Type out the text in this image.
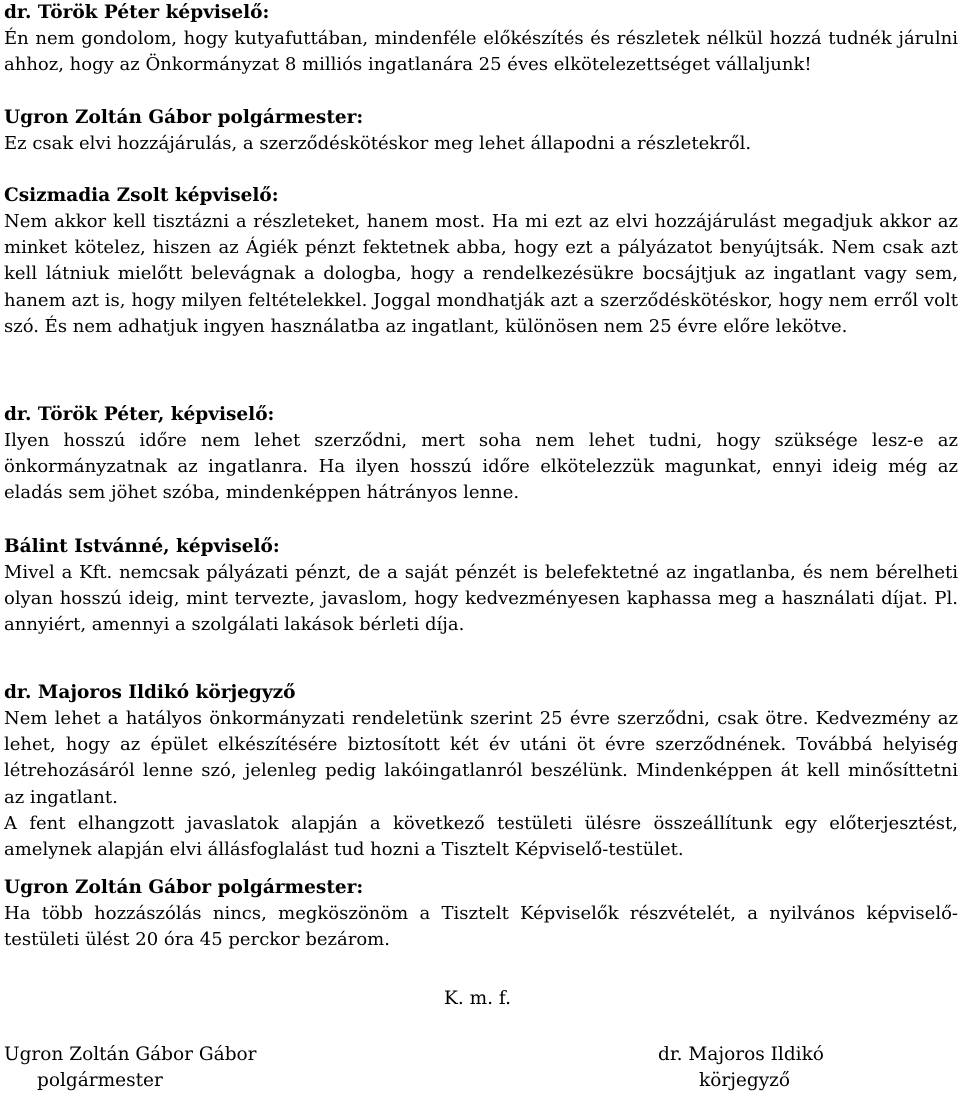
dr. Török Péter képviselő:
Én nem gondolom, hogy kutyafuttában, mindenféle előkészítés és részletek nélkül hozzá tudnék járulni ahhoz, hogy az Önkormányzat 8 milliós ingatlanára 25 éves elkötelezettséget vállaljunk!
Ugron Zoltán Gábor polgármester:
Ez csak elvi hozzájárulás, a szerződéskötéskor meg lehet állapodni a részletekről.
Csizmadia Zsolt képviselő:
Nem akkor kell tisztázni a részleteket, hanem most. Ha mi ezt az elvi hozzájárulást megadjuk akkor az minket kötelez, hiszen az Ágiék pénzt fektetnek abba, hogy ezt a pályázatot benyújtsák. Nem csak azt kell látniuk mielőtt belevágnak a dologba, hogy a rendelkezésükre bocsájtjuk az ingatlant vagy sem, hanem azt is, hogy milyen feltételekkel. Joggal mondhatják azt a szerződéskötéskor, hogy nem erről volt szó. És nem adhatjuk ingyen használatba az ingatlant, különösen nem 25 évre előre lekötve.
dr. Török Péter, képviselő:
Ilyen hosszú időre nem lehet szerződni, mert soha nem lehet tudni, hogy szüksége lesz-e az önkormányzatnak az ingatlanra. Ha ilyen hosszú időre elkötelezzük magunkat, ennyi ideig még az eladás sem jöhet szóba, mindenképpen hátrányos lenne.
Bálint Istvánné, képviselő:
Mivel a Kft. nemcsak pályázati pénzt, de a saját pénzét is belefektetné az ingatlanba, és nem bérelheti olyan hosszú ideig, mint tervezte, javaslom, hogy kedvezményesen kaphassa meg a használati díjat. Pl. annyiért, amennyi a szolgálati lakások bérleti díja.
dr. Majoros Ildikó körjegyző
Nem lehet a hatályos önkormányzati rendeletünk szerint 25 évre szerződni, csak ötre. Kedvezmény az lehet, hogy az épület elkészítésére biztosított két év utáni öt évre szerződnének. Továbbá helyiség létrehozásáról lenne szó, jelenleg pedig lakóingatlanról beszélünk. Mindenképpen át kell minősíttetni az ingatlant.
A fent elhangzott javaslatok alapján a következő testületi ülésre összeállítunk egy előterjesztést, amelynek alapján elvi állásfoglalást tud hozni a Tisztelt Képviselő-testület.
Ugron Zoltán Gábor polgármester:
Ha több hozzászólás nincs, megköszönöm a Tisztelt Képviselők részvételét, a nyilvános képviselő-testületi ülést 20 óra 45 perckor bezárom.
K. m. f.
Ugron Zoltán Gábor Gábor
polgármester
dr. Majoros Ildikó
körjegyző
